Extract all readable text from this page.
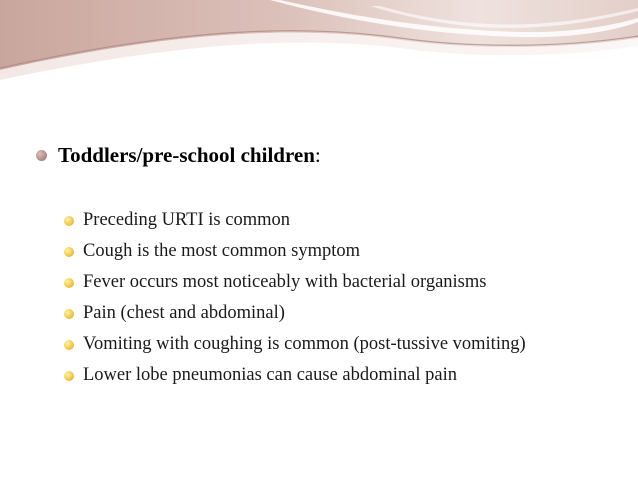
Toddlers/pre-school children:
Preceding URTI is common
Cough is the most common symptom
Fever occurs most noticeably with bacterial organisms
Pain (chest and abdominal)
Vomiting with coughing is common (post-tussive vomiting)
Lower lobe pneumonias can cause abdominal pain
